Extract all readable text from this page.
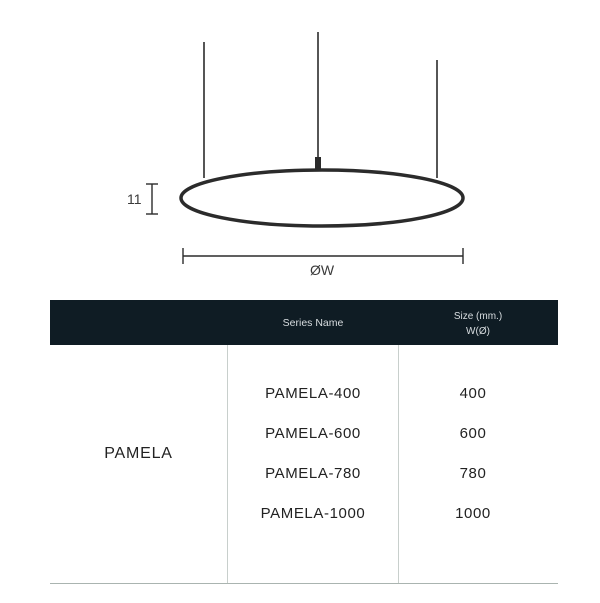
11
ØW
Series Name	Size (mm.)
W(Ø)
PAMELA
PAMELA-400	400
PAMELA-600	600
PAMELA-780	780
PAMELA-1000	1000
